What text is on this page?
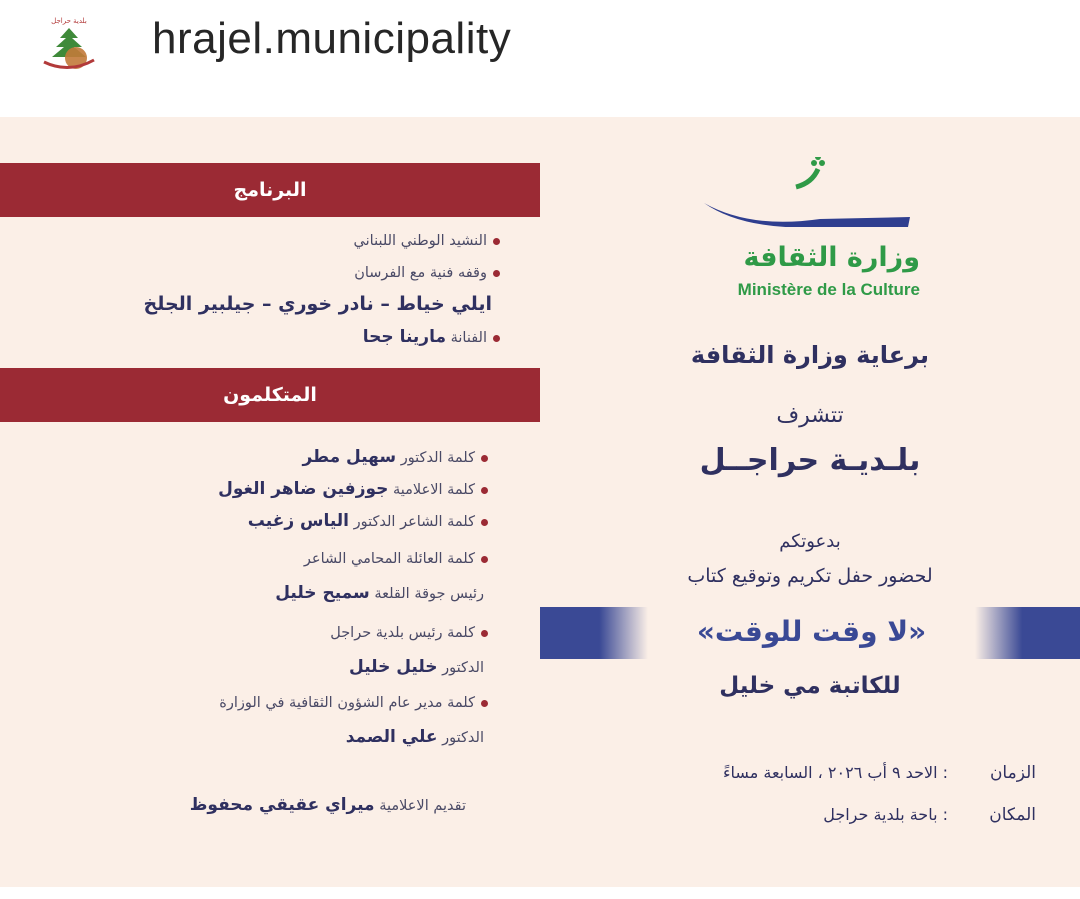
بلدية حراجل hrajel.municipality
البرنامج
النشيد الوطني اللبناني
وقفه فنية مع الفرسان
ايلي خياط – نادر خوري – جيلبير الجلخ
الفنانة مارينا جحا
المتكلمون
كلمة الدكتور سهيل مطر
كلمة الاعلامية جوزفين ضاهر الغول
كلمة الشاعر الدكتور الياس زغيب
كلمة العائلة المحامي الشاعر
رئيس جوقة القلعة سميح خليل
كلمة رئيس بلدية حراجل
الدكتور خليل خليل
كلمة مدير عام الشؤون الثقافية في الوزارة
الدكتور علي الصمد
تقديم الاعلامية ميراي عقيقي محفوظ
وزارة الثقافة
Ministère de la Culture
برعاية وزارة الثقافة
تتشرف
بلـديـة حراجــل
بدعوتكم
لحضور حفل تكريم وتوقيع كتاب
«لا وقت للوقت»
للكاتبة مي خليل
الزمان
: الاحد ٩ أب ٢٠٢٦ ، السابعة مساءً
المكان
: باحة بلدية حراجل
